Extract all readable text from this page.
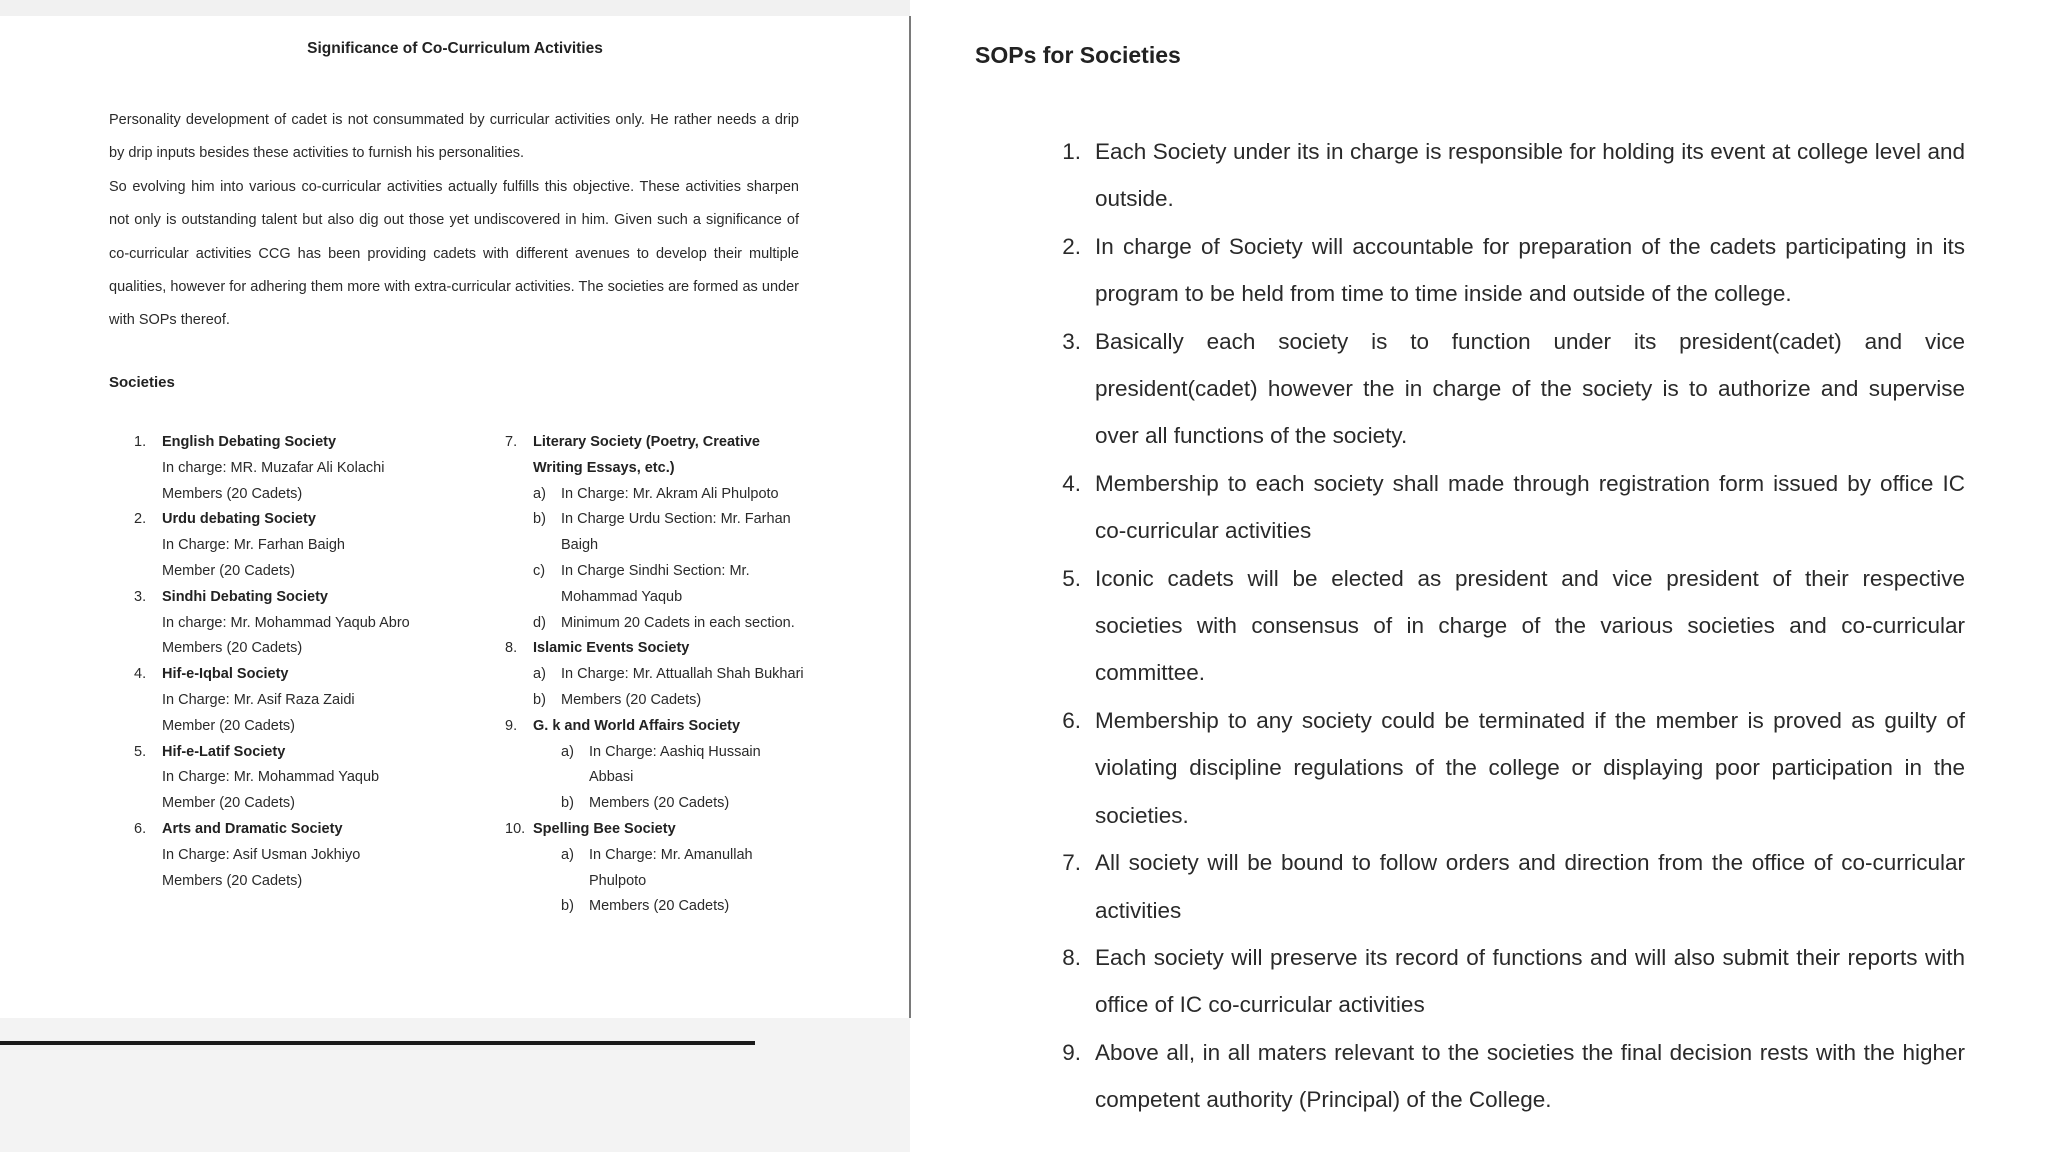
Significance of Co-Curriculum Activities

Personality development of cadet is not consummated by curricular activities only. He rather needs a drip by drip inputs besides these activities to furnish his personalities.

So evolving him into various co-curricular activities actually fulfills this objective. These activities sharpen not only is outstanding talent but also dig out those yet undiscovered in him. Given such a significance of co-curricular activities CCG has been providing cadets with different avenues to develop their multiple qualities, however for adhering them more with extra-curricular activities. The societies are formed as under with SOPs thereof.

Societies
1.	English Debating Society
In charge: MR. Muzafar Ali Kolachi
Members (20 Cadets)
2.	Urdu debating Society
In Charge: Mr. Farhan Baigh
Member (20 Cadets)
3.	Sindhi Debating Society
In charge: Mr. Mohammad Yaqub Abro
Members (20 Cadets)
4.	Hif-e-Iqbal Society
In Charge: Mr. Asif Raza Zaidi
Member (20 Cadets)
5.	Hif-e-Latif Society
In Charge: Mr. Mohammad Yaqub
Member (20 Cadets)
6.	Arts and Dramatic Society
In Charge: Asif Usman Jokhiyo
Members (20 Cadets)
7.	Literary Society (Poetry, Creative Writing Essays, etc.)
a)	In Charge: Mr. Akram Ali Phulpoto
b)	In Charge Urdu Section: Mr. Farhan Baigh
c)	In Charge Sindhi Section: Mr. Mohammad Yaqub
d)	Minimum 20 Cadets in each section.
8.	Islamic Events Society
a)	In Charge: Mr. Attuallah Shah Bukhari
b)	Members (20 Cadets)
9.	G. k and World Affairs Society
a)	In Charge: Aashiq Hussain Abbasi
b)	Members (20 Cadets)
10. Spelling Bee Society
a)	In Charge: Mr. Amanullah Phulpoto
b)	Members (20 Cadets)
SOPs for Societies
1. Each Society under its in charge is responsible for holding its event at college level and outside.
2. In charge of Society will accountable for preparation of the cadets participating in its program to be held from time to time inside and outside of the college.
3. Basically each society is to function under its president(cadet) and vice president(cadet) however the in charge of the society is to authorize and supervise over all functions of the society.
4. Membership to each society shall made through registration form issued by office IC co-curricular activities
5. Iconic cadets will be elected as president and vice president of their respective societies with consensus of in charge of the various societies and co-curricular committee.
6. Membership to any society could be terminated if the member is proved as guilty of violating discipline regulations of the college or displaying poor participation in the societies.
7. All society will be bound to follow orders and direction from the office of co-curricular activities
8. Each society will preserve its record of functions and will also submit their reports with office of IC co-curricular activities
9. Above all, in all maters relevant to the societies the final decision rests with the higher competent authority (Principal) of the College.
